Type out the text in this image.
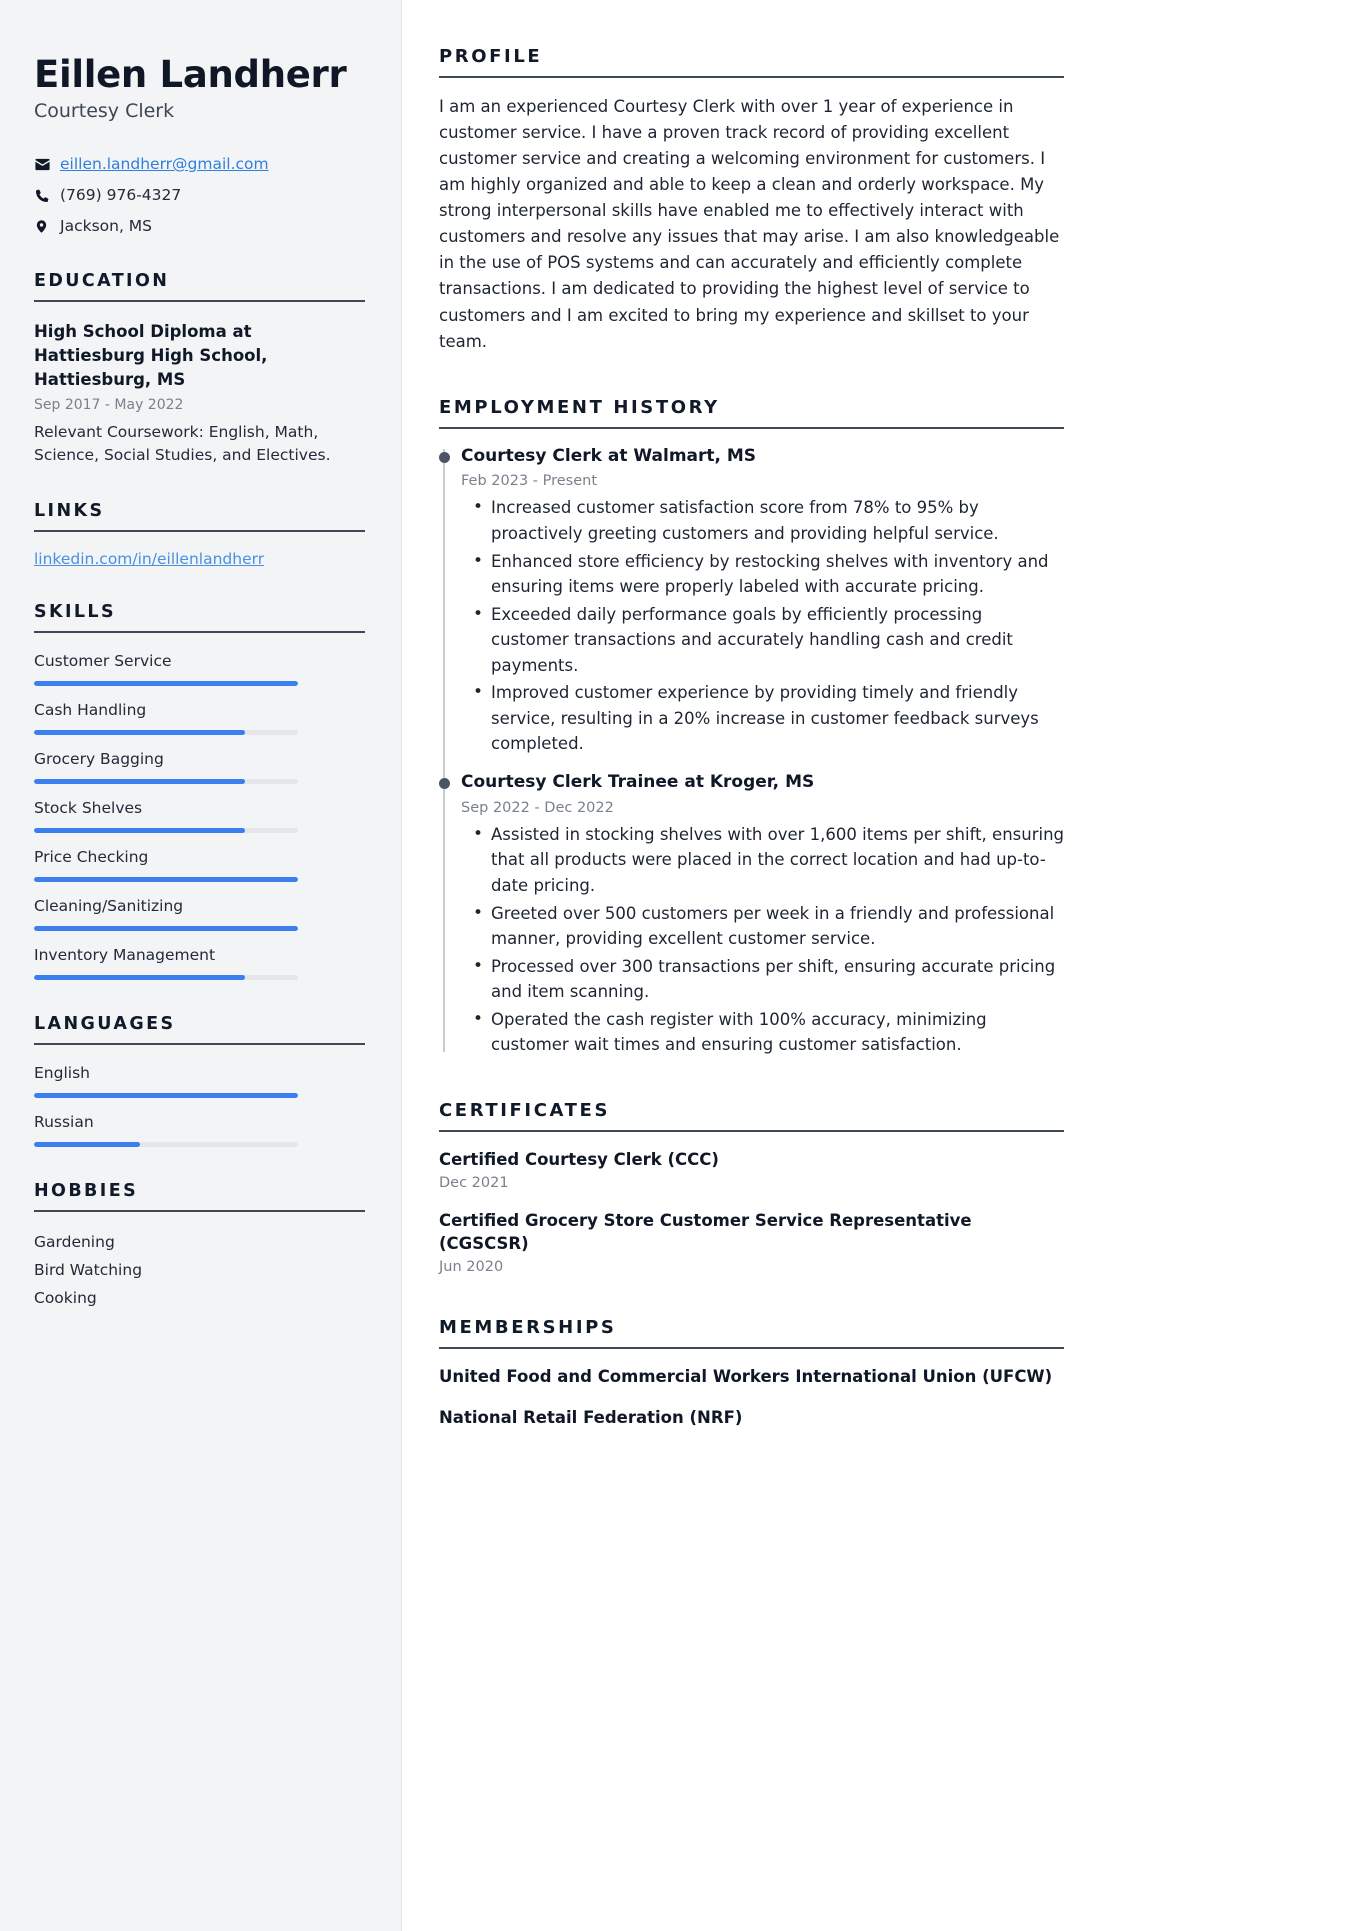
Eillen Landherr
Courtesy Clerk
eillen.landherr@gmail.com
(769) 976-4327
Jackson, MS
EDUCATION
High School Diploma at Hattiesburg High School, Hattiesburg, MS
Sep 2017 - May 2022
Relevant Coursework: English, Math, Science, Social Studies, and Electives.
LINKS
linkedin.com/in/eillenlandherr
SKILLS
Customer Service
Cash Handling
Grocery Bagging
Stock Shelves
Price Checking
Cleaning/Sanitizing
Inventory Management
LANGUAGES
English
Russian
HOBBIES
Gardening
Bird Watching
Cooking
PROFILE

I am an experienced Courtesy Clerk with over 1 year of experience in customer service. I have a proven track record of providing excellent customer service and creating a welcoming environment for customers. I am highly organized and able to keep a clean and orderly workspace. My strong interpersonal skills have enabled me to effectively interact with customers and resolve any issues that may arise. I am also knowledgeable in the use of POS systems and can accurately and efficiently complete transactions. I am dedicated to providing the highest level of service to customers and I am excited to bring my experience and skillset to your team.

EMPLOYMENT HISTORY
Courtesy Clerk at Walmart, MS
Feb 2023 - Present
• Increased customer satisfaction score from 78% to 95% by proactively greeting customers and providing helpful service.
• Enhanced store efficiency by restocking shelves with inventory and ensuring items were properly labeled with accurate pricing.
• Exceeded daily performance goals by efficiently processing customer transactions and accurately handling cash and credit payments.
• Improved customer experience by providing timely and friendly service, resulting in a 20% increase in customer feedback surveys completed.
Courtesy Clerk Trainee at Kroger, MS
Sep 2022 - Dec 2022
• Assisted in stocking shelves with over 1,600 items per shift, ensuring that all products were placed in the correct location and had up-to-date pricing.
• Greeted over 500 customers per week in a friendly and professional manner, providing excellent customer service.
• Processed over 300 transactions per shift, ensuring accurate pricing and item scanning.
• Operated the cash register with 100% accuracy, minimizing customer wait times and ensuring customer satisfaction.
CERTIFICATES
Certified Courtesy Clerk (CCC)
Dec 2021
Certified Grocery Store Customer Service Representative (CGSCSR)
Jun 2020
MEMBERSHIPS
United Food and Commercial Workers International Union (UFCW)
National Retail Federation (NRF)
